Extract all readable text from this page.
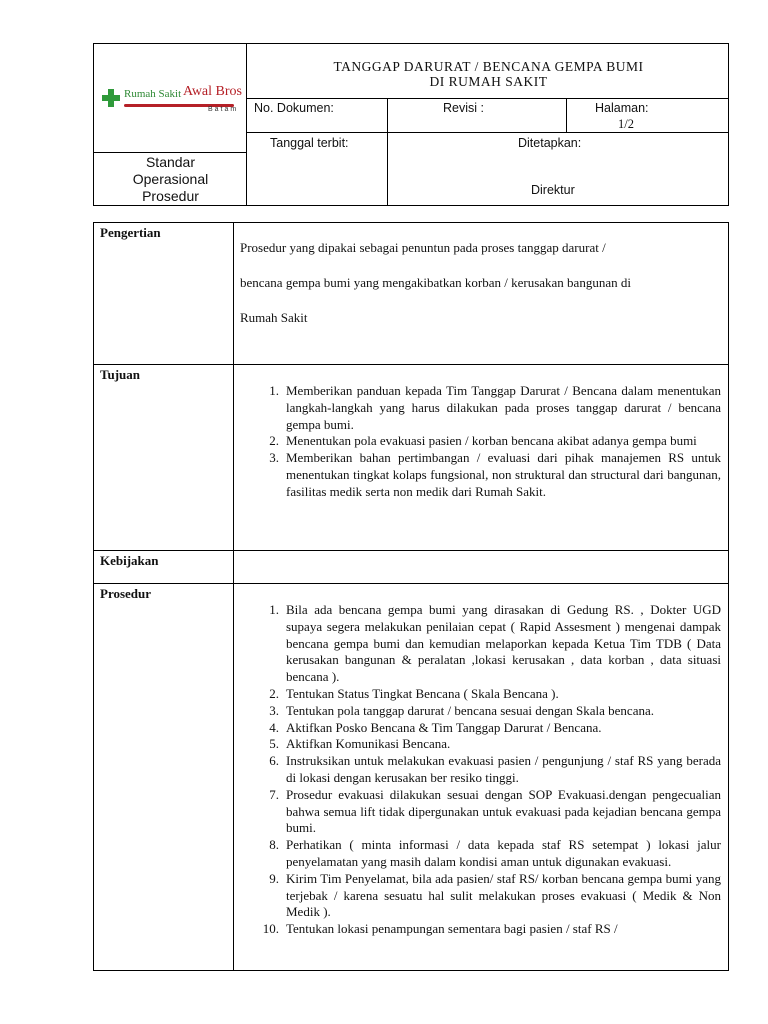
Rumah Sakit Awal Bros
Batam
Standar
Operasional
Prosedur
TANGGAP DARURAT / BENCANA GEMPA BUMI
DI RUMAH SAKIT
No. Dokumen:	Revisi :	Halaman:
1/2
Tanggal terbit:	Ditetapkan:
Direktur
Pengertian
Prosedur yang dipakai sebagai penuntun pada proses tanggap darurat /
bencana gempa bumi yang mengakibatkan korban / kerusakan bangunan di
Rumah Sakit
Tujuan
1. Memberikan panduan kepada Tim Tanggap Darurat / Bencana dalam menentukan langkah-langkah yang harus dilakukan pada proses tanggap darurat / bencana gempa bumi.
2. Menentukan pola evakuasi pasien / korban bencana akibat adanya gempa bumi
3. Memberikan bahan pertimbangan / evaluasi dari pihak manajemen RS untuk menentukan tingkat kolaps fungsional, non struktural dan structural dari bangunan, fasilitas medik serta non medik dari Rumah Sakit.
Kebijakan
Prosedur
1. Bila ada bencana gempa bumi yang dirasakan di Gedung RS. , Dokter UGD supaya segera melakukan penilaian cepat ( Rapid Assesment ) mengenai dampak bencana gempa bumi dan kemudian melaporkan kepada Ketua Tim TDB ( Data kerusakan bangunan & peralatan ,lokasi kerusakan , data korban , data situasi bencana ).
2. Tentukan Status Tingkat Bencana ( Skala Bencana ).
3. Tentukan pola tanggap darurat / bencana sesuai dengan Skala bencana.
4. Aktifkan Posko Bencana & Tim Tanggap Darurat / Bencana.
5. Aktifkan Komunikasi Bencana.
6. Instruksikan untuk melakukan evakuasi pasien / pengunjung / staf RS yang berada di lokasi dengan kerusakan ber resiko tinggi.
7. Prosedur evakuasi dilakukan sesuai dengan SOP Evakuasi.dengan pengecualian bahwa semua lift tidak dipergunakan untuk evakuasi pada kejadian bencana gempa bumi.
8. Perhatikan ( minta informasi / data kepada staf RS setempat ) lokasi jalur penyelamatan yang masih dalam kondisi aman untuk digunakan evakuasi.
9. Kirim Tim Penyelamat, bila ada pasien/ staf RS/ korban bencana gempa bumi yang terjebak / karena sesuatu hal sulit melakukan proses evakuasi ( Medik & Non Medik ).
10. Tentukan lokasi penampungan sementara bagi pasien / staf RS /
